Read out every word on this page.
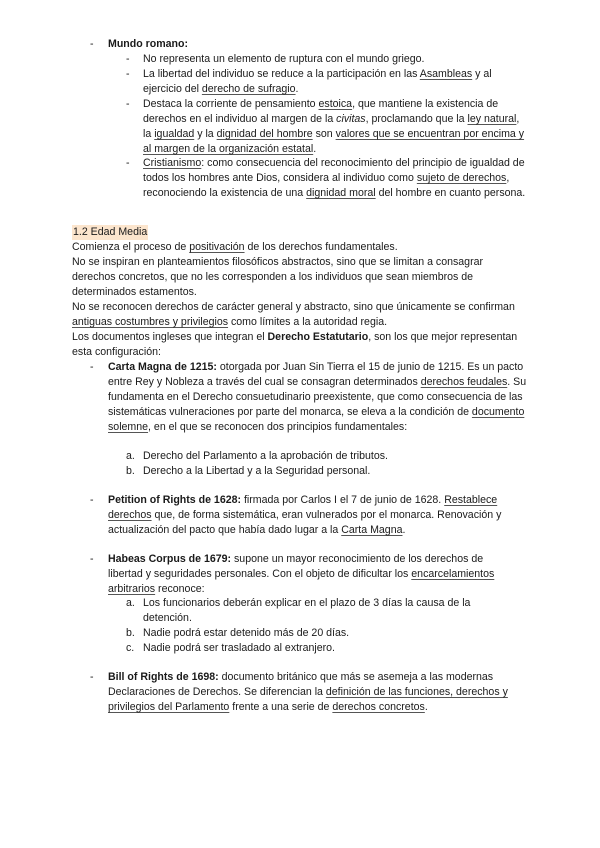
-	Mundo romano:
-	No representa un elemento de ruptura con el mundo griego.
-	La libertad del individuo se reduce a la participación en las Asambleas y al ejercicio del derecho de sufragio.
-	Destaca la corriente de pensamiento estoica, que mantiene la existencia de derechos en el individuo al margen de la civitas, proclamando que la ley natural, la igualdad y la dignidad del hombre son valores que se encuentran por encima y al margen de la organización estatal.
-	Cristianismo: como consecuencia del reconocimiento del principio de igualdad de todos los hombres ante Dios, considera al individuo como sujeto de derechos, reconociendo la existencia de una dignidad moral del hombre en cuanto persona.
1.2 Edad Media
Comienza el proceso de positivación de los derechos fundamentales.
No se inspiran en planteamientos filosóficos abstractos, sino que se limitan a consagrar derechos concretos, que no les corresponden a los individuos que sean miembros de determinados estamentos.
No se reconocen derechos de carácter general y abstracto, sino que únicamente se confirman antiguas costumbres y privilegios como límites a la autoridad regia.
Los documentos ingleses que integran el Derecho Estatutario, son los que mejor representan esta configuración:
-	Carta Magna de 1215: otorgada por Juan Sin Tierra el 15 de junio de 1215. Es un pacto entre Rey y Nobleza a través del cual se consagran determinados derechos feudales. Su fundamenta en el Derecho consuetudinario preexistente, que como consecuencia de las sistemáticas vulneraciones por parte del monarca, se eleva a la condición de documento solemne, en el que se reconocen dos principios fundamentales:
a. Derecho del Parlamento a la aprobación de tributos.
b. Derecho a la Libertad y a la Seguridad personal.
-	Petition of Rights de 1628: firmada por Carlos I el 7 de junio de 1628. Restablece derechos que, de forma sistemática, eran vulnerados por el monarca. Renovación y actualización del pacto que había dado lugar a la Carta Magna.
-	Habeas Corpus de 1679: supone un mayor reconocimiento de los derechos de libertad y seguridades personales. Con el objeto de dificultar los encarcelamientos arbitrarios reconoce:
a. Los funcionarios deberán explicar en el plazo de 3 días la causa de la detención.
b. Nadie podrá estar detenido más de 20 días.
c. Nadie podrá ser trasladado al extranjero.
-	Bill of Rights de 1698: documento británico que más se asemeja a las modernas Declaraciones de Derechos. Se diferencian la definición de las funciones, derechos y privilegios del Parlamento frente a una serie de derechos concretos.
